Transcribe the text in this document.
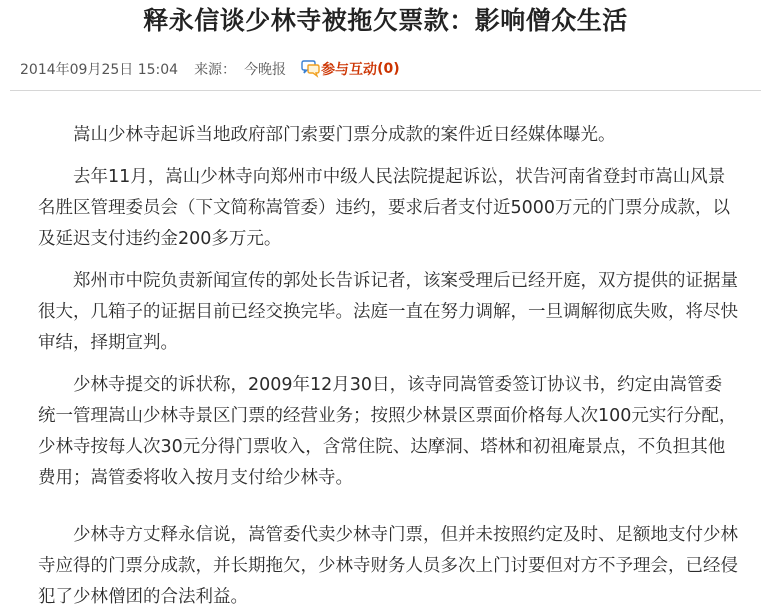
释永信谈少林寺被拖欠票款：影响僧众生活
2014年09月25日 15:04 来源： 今晚报	参与互动 (0)

嵩山少林寺起诉当地政府部门索要门票分成款的案件近日经媒体曝光。

去年11月，嵩山少林寺向郑州市中级人民法院提起诉讼，状告河南省登封市嵩山风景名胜区管理委员会（下文简称嵩管委）违约，要求后者支付近5000万元的门票分成款，以及延迟支付违约金200多万元。

郑州市中院负责新闻宣传的郭处长告诉记者，该案受理后已经开庭，双方提供的证据量很大，几箱子的证据目前已经交换完毕。法庭一直在努力调解，一旦调解彻底失败，将尽快审结，择期宣判。

少林寺提交的诉状称，2009年12月30日，该寺同嵩管委签订协议书，约定由嵩管委统一管理嵩山少林寺景区门票的经营业务；按照少林景区票面价格每人次100元实行分配，少林寺按每人次30元分得门票收入，含常住院、达摩洞、塔林和初祖庵景点，不负担其他费用；嵩管委将收入按月支付给少林寺。

少林寺方丈释永信说，嵩管委代卖少林寺门票，但并未按照约定及时、足额地支付少林寺应得的门票分成款，并长期拖欠，少林寺财务人员多次上门讨要但对方不予理会，已经侵犯了少林僧团的合法利益。
